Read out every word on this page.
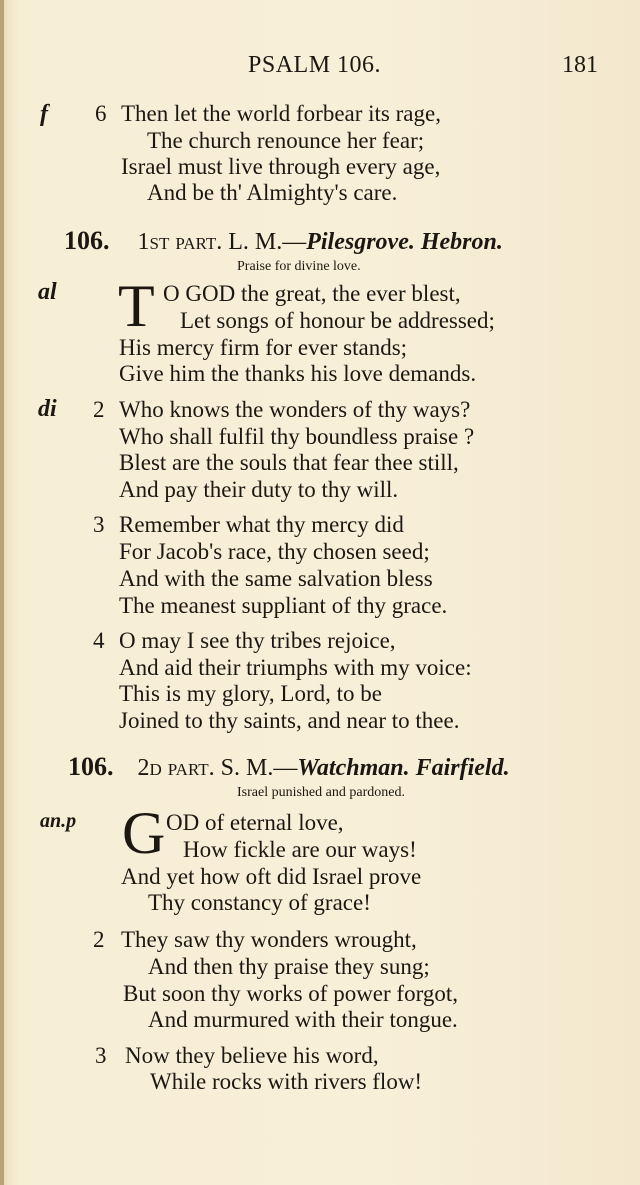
PSALM 106.	181
f 6 Then let the world forbear its rage,
The church renounce her fear;
Israel must live through every age,
And be th' Almighty's care.
106. 1st part. L. M.—Pilesgrove. Hebron.
Praise for divine love.
al T O GOD the great, the ever blest,
Let songs of honour be addressed;
His mercy firm for ever stands;
Give him the thanks his love demands.
di 2 Who knows the wonders of thy ways?
Who shall fulfil thy boundless praise ?
Blest are the souls that fear thee still,
And pay their duty to thy will.
3 Remember what thy mercy did
For Jacob's race, thy chosen seed;
And with the same salvation bless
The meanest suppliant of thy grace.
4 O may I see thy tribes rejoice,
And aid their triumphs with my voice:
This is my glory, Lord, to be
Joined to thy saints, and near to thee.
106. 2d part. S. M.—Watchman. Fairfield.
Israel punished and pardoned.
an.p G OD of eternal love,
How fickle are our ways!
And yet how oft did Israel prove
Thy constancy of grace!
2 They saw thy wonders wrought,
And then thy praise they sung;
But soon thy works of power forgot,
And murmured with their tongue.
3 Now they believe his word,
While rocks with rivers flow!
